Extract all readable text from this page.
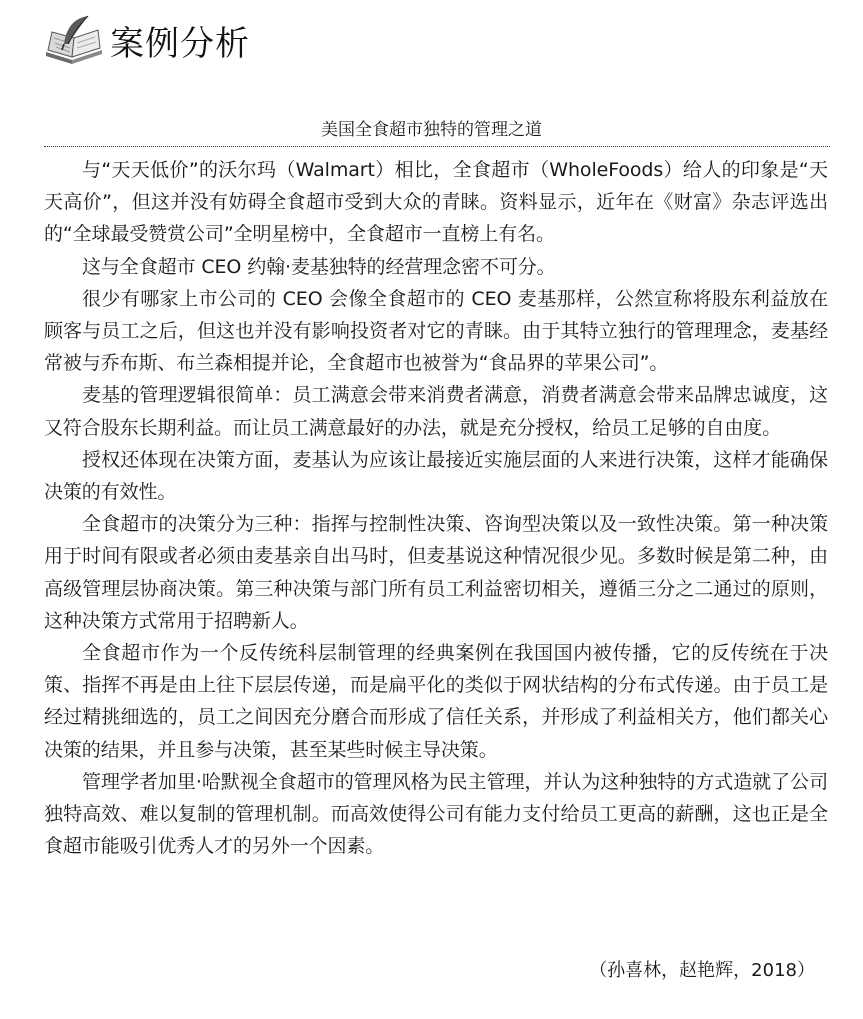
案例分析
美国全食超市独特的管理之道

与“天天低价”的沃尔玛（Walmart）相比，全食超市（WholeFoods）给人的印象是“天天高价”，但这并没有妨碍全食超市受到大众的青睐。资料显示，近年在《财富》杂志评选出的“全球最受赞赏公司”全明星榜中，全食超市一直榜上有名。

这与全食超市 CEO 约翰·麦基独特的经营理念密不可分。

很少有哪家上市公司的 CEO 会像全食超市的 CEO 麦基那样，公然宣称将股东利益放在顾客与员工之后，但这也并没有影响投资者对它的青睐。由于其特立独行的管理理念，麦基经常被与乔布斯、布兰森相提并论，全食超市也被誉为“食品界的苹果公司”。

麦基的管理逻辑很简单：员工满意会带来消费者满意，消费者满意会带来品牌忠诚度，这又符合股东长期利益。而让员工满意最好的办法，就是充分授权，给员工足够的自由度。

授权还体现在决策方面，麦基认为应该让最接近实施层面的人来进行决策，这样才能确保决策的有效性。

全食超市的决策分为三种：指挥与控制性决策、咨询型决策以及一致性决策。第一种决策用于时间有限或者必须由麦基亲自出马时，但麦基说这种情况很少见。多数时候是第二种，由高级管理层协商决策。第三种决策与部门所有员工利益密切相关，遵循三分之二通过的原则，这种决策方式常用于招聘新人。

全食超市作为一个反传统科层制管理的经典案例在我国国内被传播，它的反传统在于决策、指挥不再是由上往下层层传递，而是扁平化的类似于网状结构的分布式传递。由于员工是经过精挑细选的，员工之间因充分磨合而形成了信任关系，并形成了利益相关方，他们都关心决策的结果，并且参与决策，甚至某些时候主导决策。

管理学者加里·哈默视全食超市的管理风格为民主管理，并认为这种独特的方式造就了公司独特高效、难以复制的管理机制。而高效使得公司有能力支付给员工更高的薪酬，这也正是全食超市能吸引优秀人才的另外一个因素。

（孙喜林，赵艳辉，2018）
